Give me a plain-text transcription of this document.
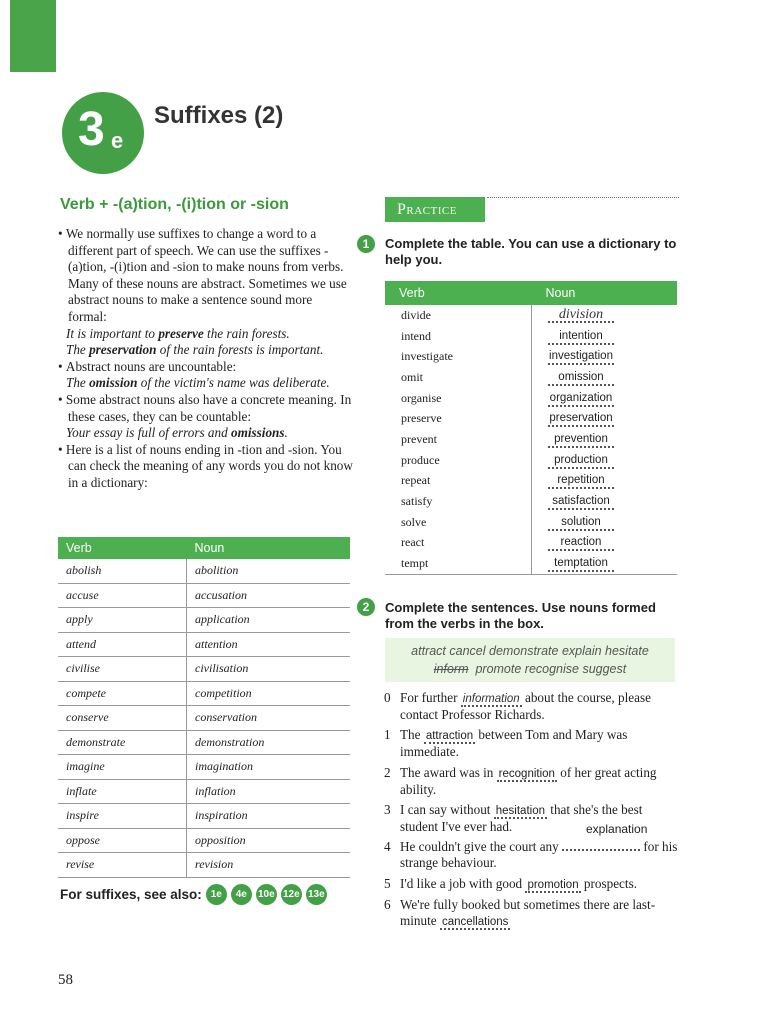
3 e
Suffixes (2)
Verb + -(a)tion, -(i)tion or -sion
• We normally use suffixes to change a word to a different part of speech. We can use the suffixes -(a)tion, -(i)tion and -sion to make nouns from verbs. Many of these nouns are abstract. Sometimes we use abstract nouns to make a sentence sound more formal:
It is important to preserve the rain forests.
The preservation of the rain forests is important.
• Abstract nouns are uncountable:
The omission of the victim's name was deliberate.
• Some abstract nouns also have a concrete meaning. In these cases, they can be countable:
Your essay is full of errors and omissions.
• Here is a list of nouns ending in -tion and -sion. You can check the meaning of any words you do not know in a dictionary:
Verb	Noun
abolish	abolition
accuse	accusation
apply	application
attend	attention
civilise	civilisation
compete	competition
conserve	conservation
demonstrate	demonstration
imagine	imagination
inflate	inflation
inspire	inspiration
oppose	opposition
revise	revision
For suffixes, see also: 1e	4e	10e 12e 13e
58
Practice
1	Complete the table. You can use a dictionary to help you.
Verb	Noun
divide	division
intend	intention
investigate	investigation
omit	omission
organise	organization
preserve	preservation
prevent	prevention
produce	production
repeat	repetition
satisfy	satisfaction
solve	solution
react	reaction
tempt	temptation
2	Complete the sentences. Use nouns formed from the verbs in the box.
attract cancel demonstrate explain hesitate
inform promote recognise suggest
0 For further information about the course, please contact Professor Richards.
1 The attraction between Tom and Mary was immediate.
2 The award was in recognition of her great acting ability.
3 I can say without hesitation that she's the best student I've ever had.
4 He couldn't give the court any	for his strange behaviour.
5 I'd like a job with good promotion prospects.
6 We're fully booked but sometimes there are last-minute cancellations
explanation
